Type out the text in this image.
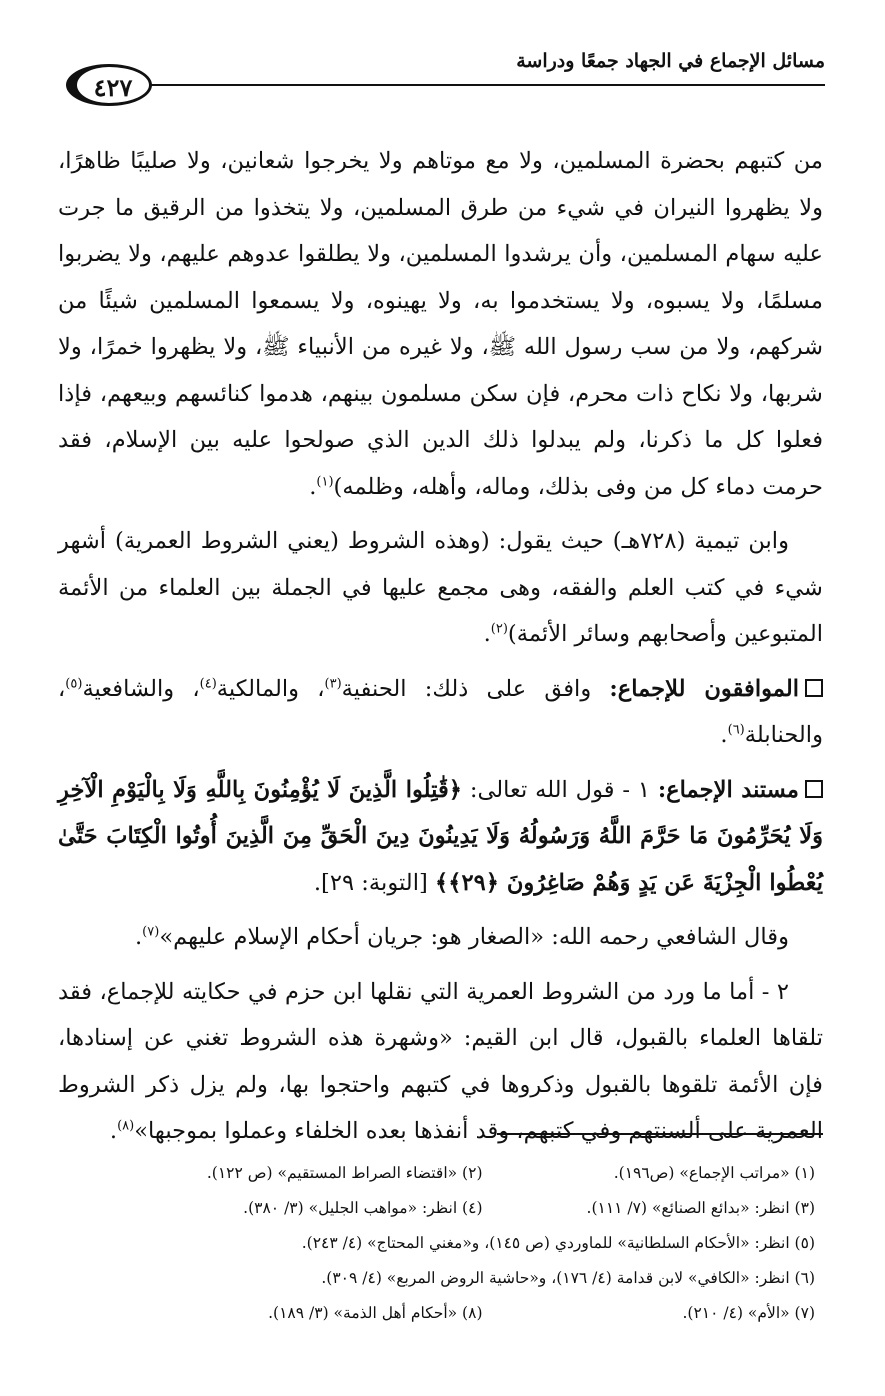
مسائل الإجماع في الجهاد جمعًا ودراسة
٤٢٧

من كتبهم بحضرة المسلمين، ولا مع موتاهم ولا يخرجوا شعانين، ولا صليبًا ظاهرًا، ولا يظهروا النيران في شيء من طرق المسلمين، ولا يتخذوا من الرقيق ما جرت عليه سهام المسلمين، وأن يرشدوا المسلمين، ولا يطلقوا عدوهم عليهم، ولا يضربوا مسلمًا، ولا يسبوه، ولا يستخدموا به، ولا يهينوه، ولا يسمعوا المسلمين شيئًا من شركهم، ولا من سب رسول الله ﷺ، ولا غيره من الأنبياء ﷺ، ولا يظهروا خمرًا، ولا شربها، ولا نكاح ذات محرم، فإن سكن مسلمون بينهم، هدموا كنائسهم وبيعهم، فإذا فعلوا كل ما ذكرنا، ولم يبدلوا ذلك الدين الذي صولحوا عليه بين الإسلام، فقد حرمت دماء كل من وفى بذلك، وماله، وأهله، وظلمه)$^{(١)}$.

وابن تيمية (٧٢٨هـ) حيث يقول: (وهذه الشروط (يعني الشروط العمرية) أشهر شيء في كتب العلم والفقه، وهى مجمع عليها في الجملة بين العلماء من الأئمة المتبوعين وأصحابهم وسائر الأئمة)$^{(٢)}$.

الموافقون للإجماع: وافق على ذلك: الحنفية$^{(٣)}$، والمالكية$^{(٤)}$، والشافعية$^{(٥)}$، والحنابلة$^{(٦)}$.

مستند الإجماع: ١ - قول الله تعالى: ﴿قَٰتِلُوا الَّذِينَ لَا يُؤْمِنُونَ بِاللَّهِ وَلَا بِالْيَوْمِ الْآخِرِ وَلَا يُحَرِّمُونَ مَا حَرَّمَ اللَّهُ وَرَسُولُهُ وَلَا يَدِينُونَ دِينَ الْحَقِّ مِنَ الَّذِينَ أُوتُوا الْكِتَابَ حَتَّىٰ يُعْطُوا الْجِزْيَةَ عَن يَدٍ وَهُمْ صَاغِرُونَ ﴿٢٩﴾﴾ [التوبة: ٢٩].

وقال الشافعي رحمه الله: «الصغار هو: جريان أحكام الإسلام عليهم»$^{(٧)}$.

٢ - أما ما ورد من الشروط العمرية التي نقلها ابن حزم في حكايته للإجماع، فقد تلقاها العلماء بالقبول، قال ابن القيم: «وشهرة هذه الشروط تغني عن إسنادها، فإن الأئمة تلقوها بالقبول وذكروها في كتبهم واحتجوا بها، ولم يزل ذكر الشروط العمرية على ألسنتهم وفي كتبهم، وقد أنفذها بعده الخلفاء وعملوا بموجبها»$^{(٨)}$.

(١) «مراتب الإجماع» (ص١٩٦).
(٢) «اقتضاء الصراط المستقيم» (ص ١٢٢).
(٣) انظر: «بدائع الصنائع» (٧/ ١١١).
(٤) انظر: «مواهب الجليل» (٣/ ٣٨٠).
(٥) انظر: «الأحكام السلطانية» للماوردي (ص ١٤٥)، و«مغني المحتاج» (٤/ ٢٤٣).
(٦) انظر: «الكافي» لابن قدامة (٤/ ١٧٦)، و«حاشية الروض المربع» (٤/ ٣٠٩).
(٧) «الأم» (٤/ ٢١٠).
(٨) «أحكام أهل الذمة» (٣/ ١٨٩).
